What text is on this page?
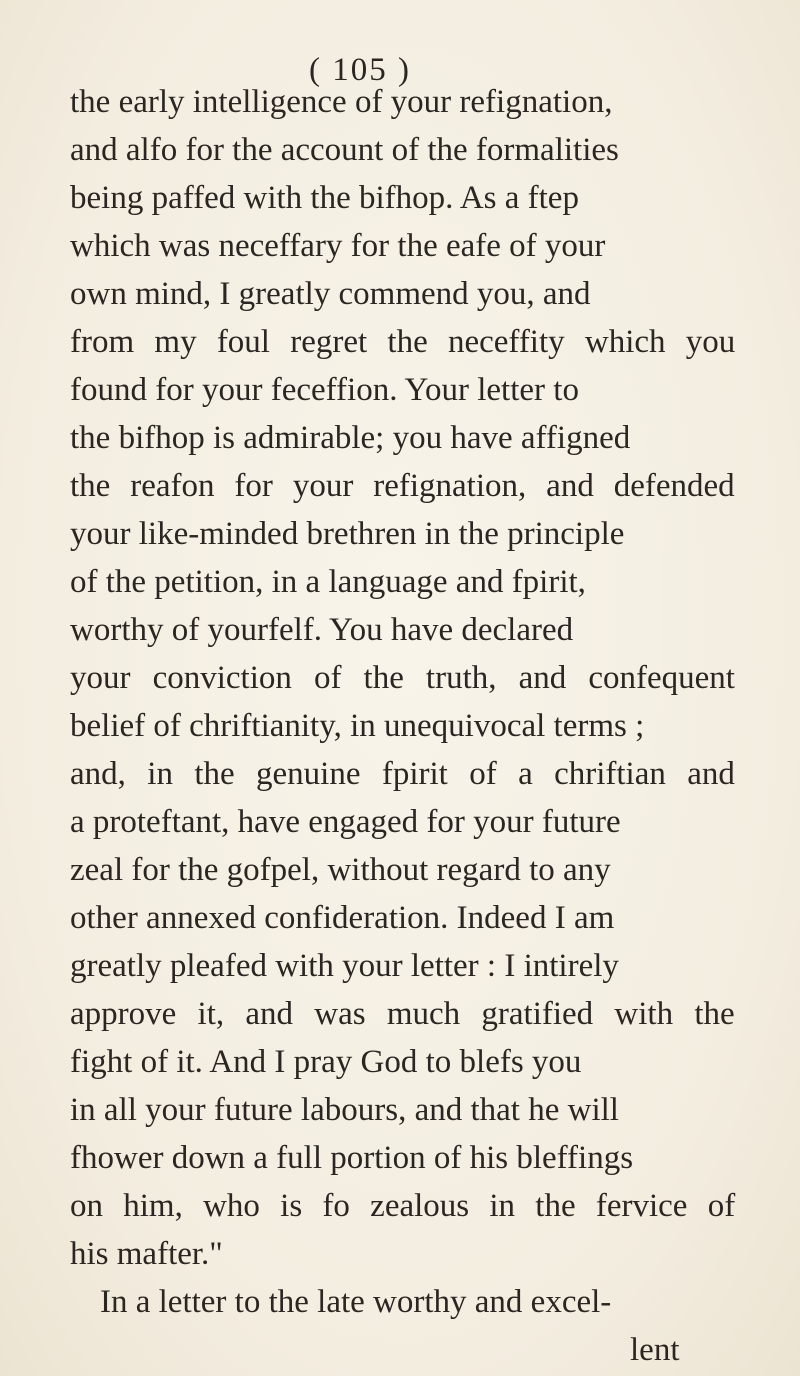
( 105 )
the early intelligence of your refignation,
and alfo for the account of the formalities
being paffed with the bifhop. As a ftep
which was neceffary for the eafe of your
own mind, I greatly commend you, and
from my foul regret the neceffity which you
found for your feceffion. Your letter to
the bifhop is admirable; you have affigned
the reafon for your refignation, and defended
your like-minded brethren in the principle
of the petition, in a language and fpirit,
worthy of yourfelf. You have declared
your conviction of the truth, and confequent
belief of chriftianity, in unequivocal terms ;
and, in the genuine fpirit of a chriftian and
a proteftant, have engaged for your future
zeal for the gofpel, without regard to any
other annexed confideration. Indeed I am
greatly pleafed with your letter : I intirely
approve it, and was much gratified with the
fight of it. And I pray God to blefs you
in all your future labours, and that he will
fhower down a full portion of his bleffings
on him, who is fo zealous in the fervice of
his mafter."
In a letter to the late worthy and excel-
lent
